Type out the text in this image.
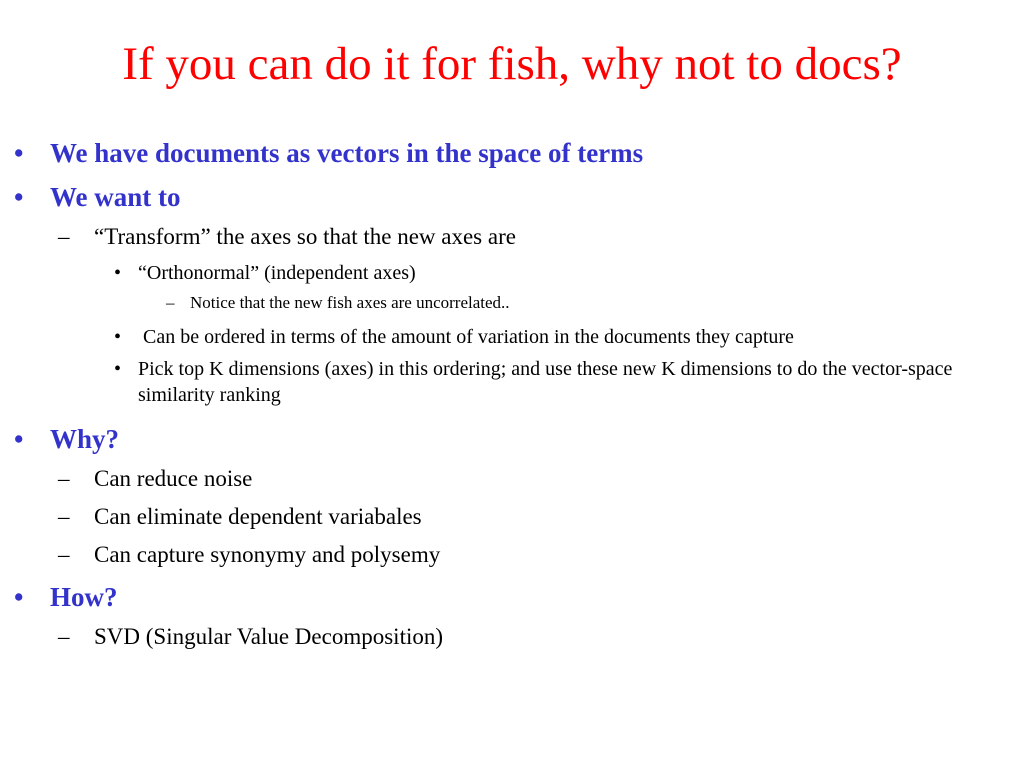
If you can do it for fish, why not to docs?
• We have documents as vectors in the space of terms
• We want to
– “Transform” the axes so that the new axes are
• “Orthonormal” (independent axes)
– Notice that the new fish axes are uncorrelated..
• Can be ordered in terms of the amount of variation in the documents they capture
• Pick top K dimensions (axes) in this ordering; and use these new K dimensions to do the vector-space similarity ranking
• Why?
– Can reduce noise
– Can eliminate dependent variabales
– Can capture synonymy and polysemy
• How?
– SVD (Singular Value Decomposition)
